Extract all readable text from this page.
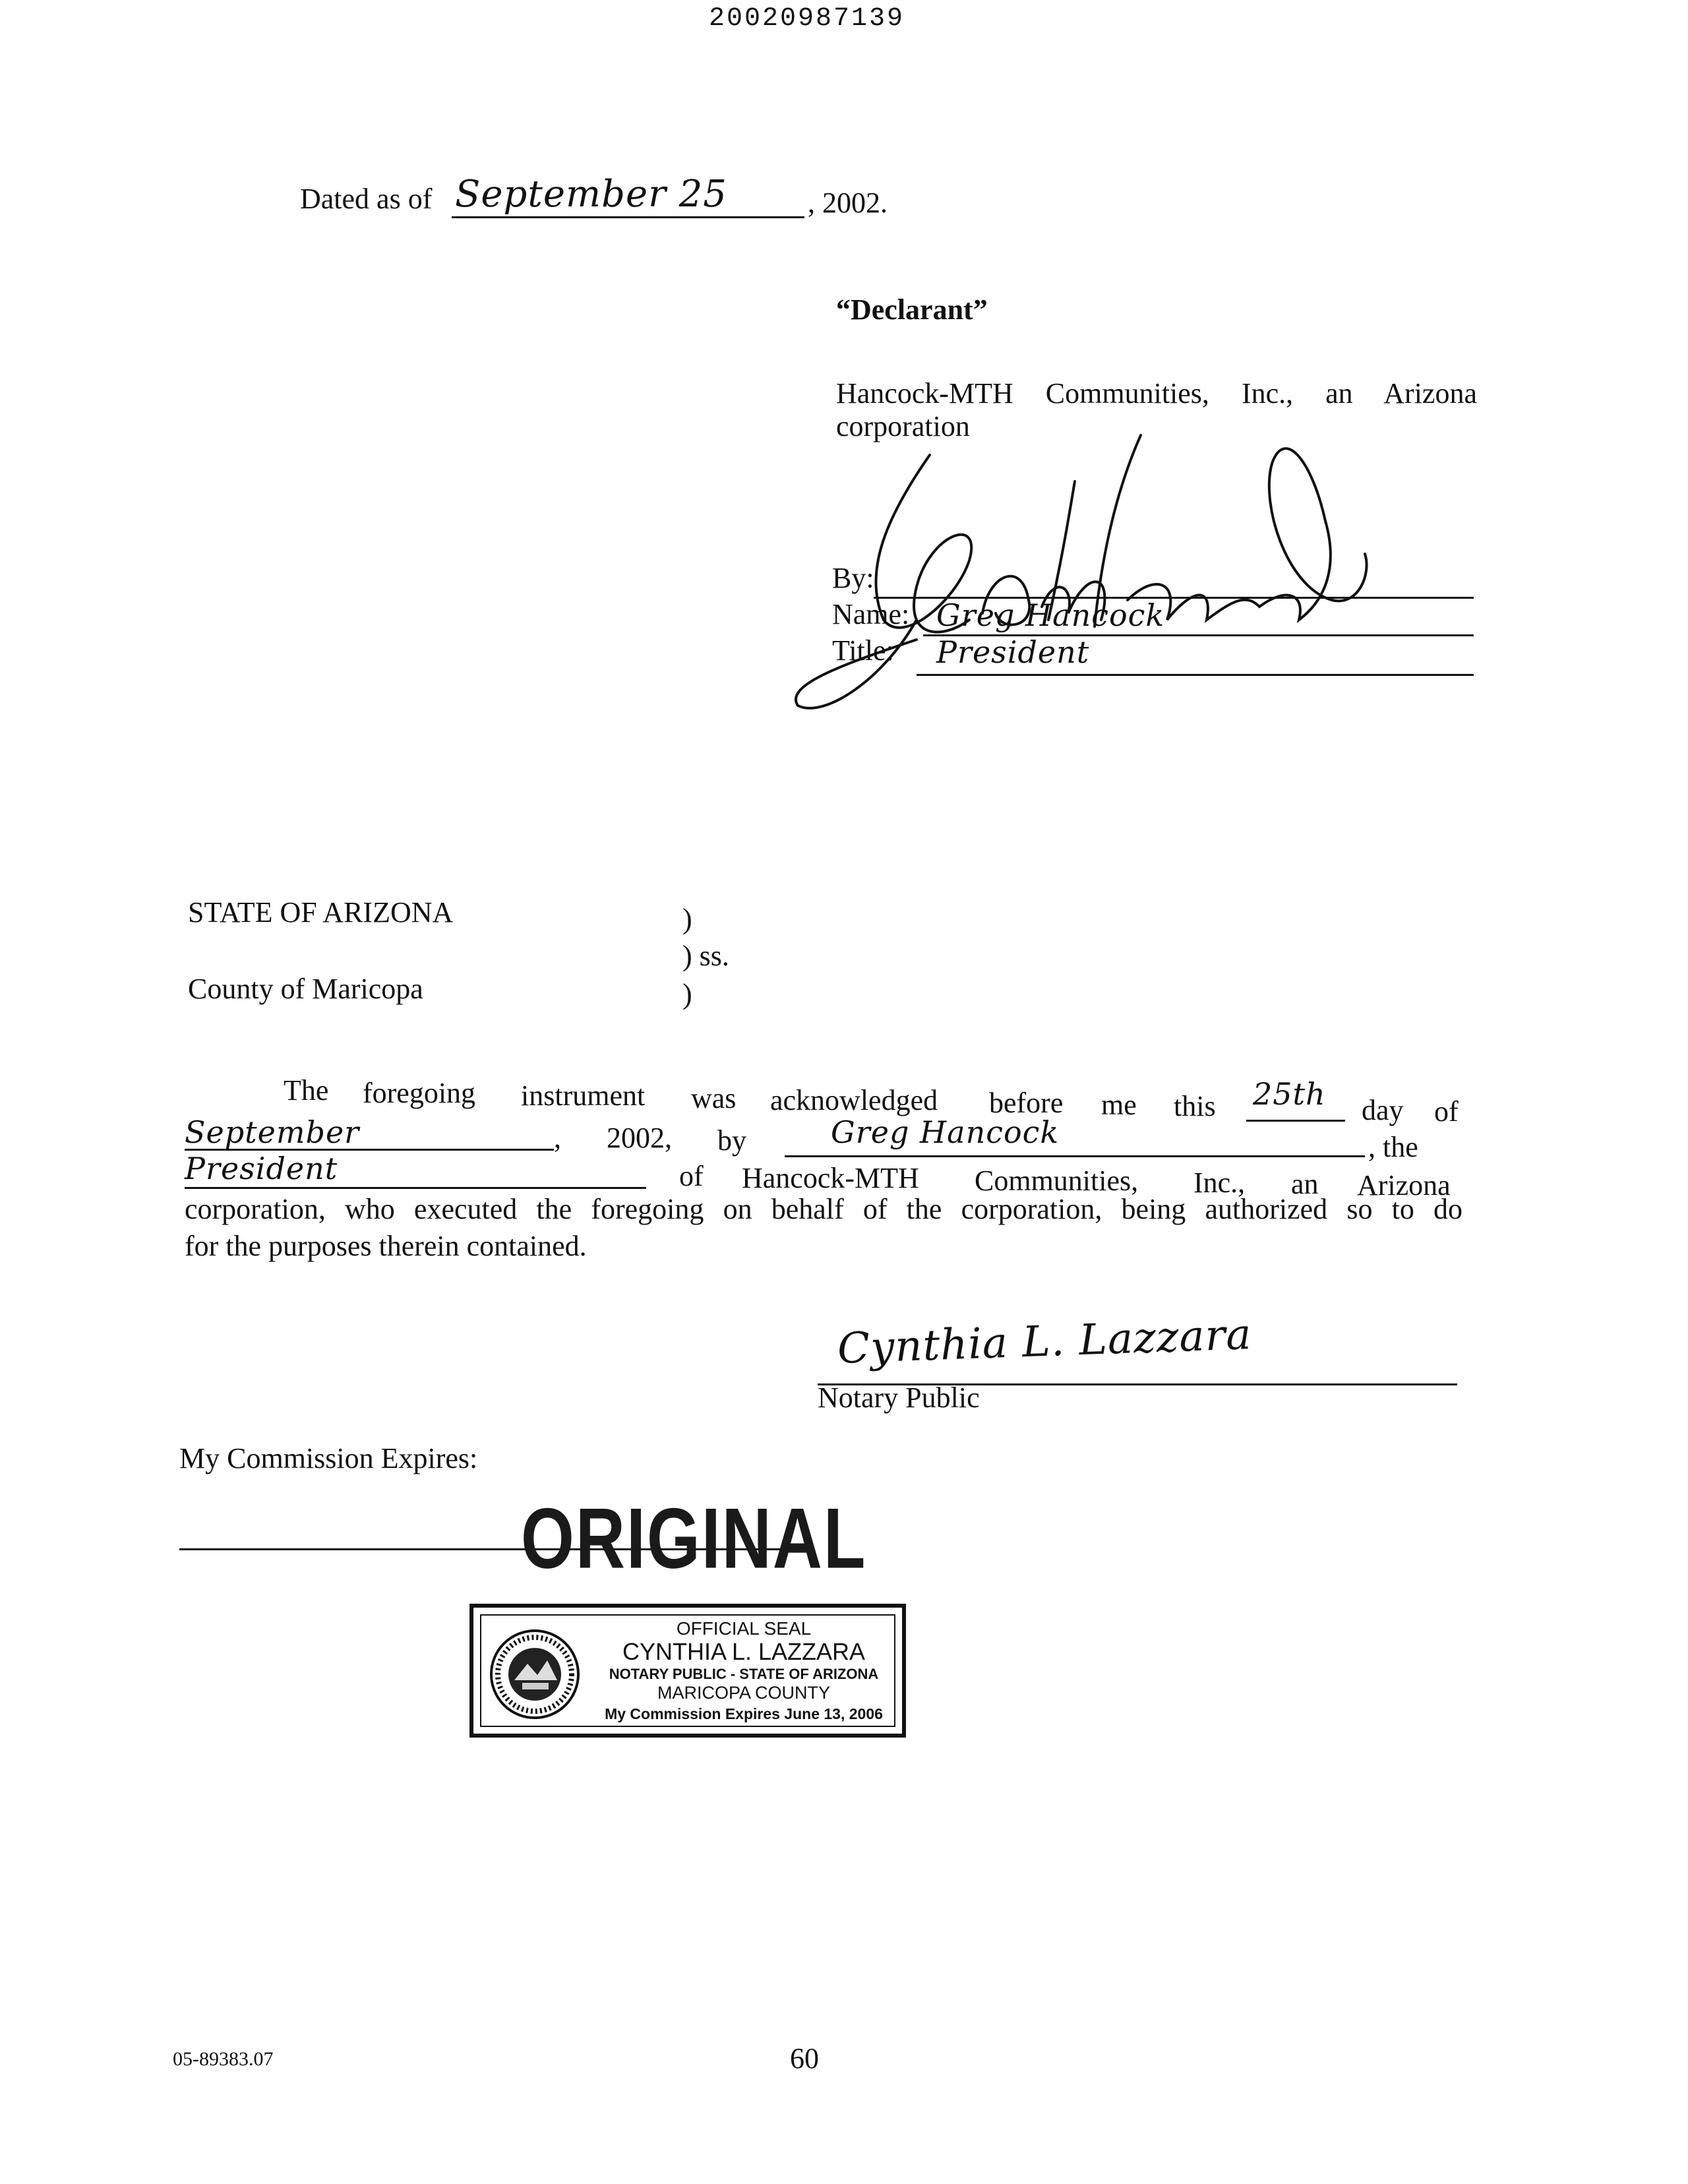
20020987139
Dated as of September 25	, 2002.
“Declarant”
Hancock-MTH Communities, Inc., an Arizona
corporation
By:
Name: Greg Hancock
Title: President
STATE OF ARIZONA
County of Maricopa
)
) ss.
)
The foregoing instrument was acknowledged before me this 25th day of
September	, 2002, by	Greg Hancock	, the
President	of Hancock-MTH Communities, Inc., an Arizona
corporation, who executed the foregoing on behalf of the corporation, being authorized so to do
for the purposes therein contained.
Cynthia L. Lazzara
Notary Public
My Commission Expires:
ORIGINAL
OFFICIAL SEAL
CYNTHIA L. LAZZARA
NOTARY PUBLIC - STATE OF ARIZONA
MARICOPA COUNTY
My Commission Expires June 13, 2006
05-89383.07	60
